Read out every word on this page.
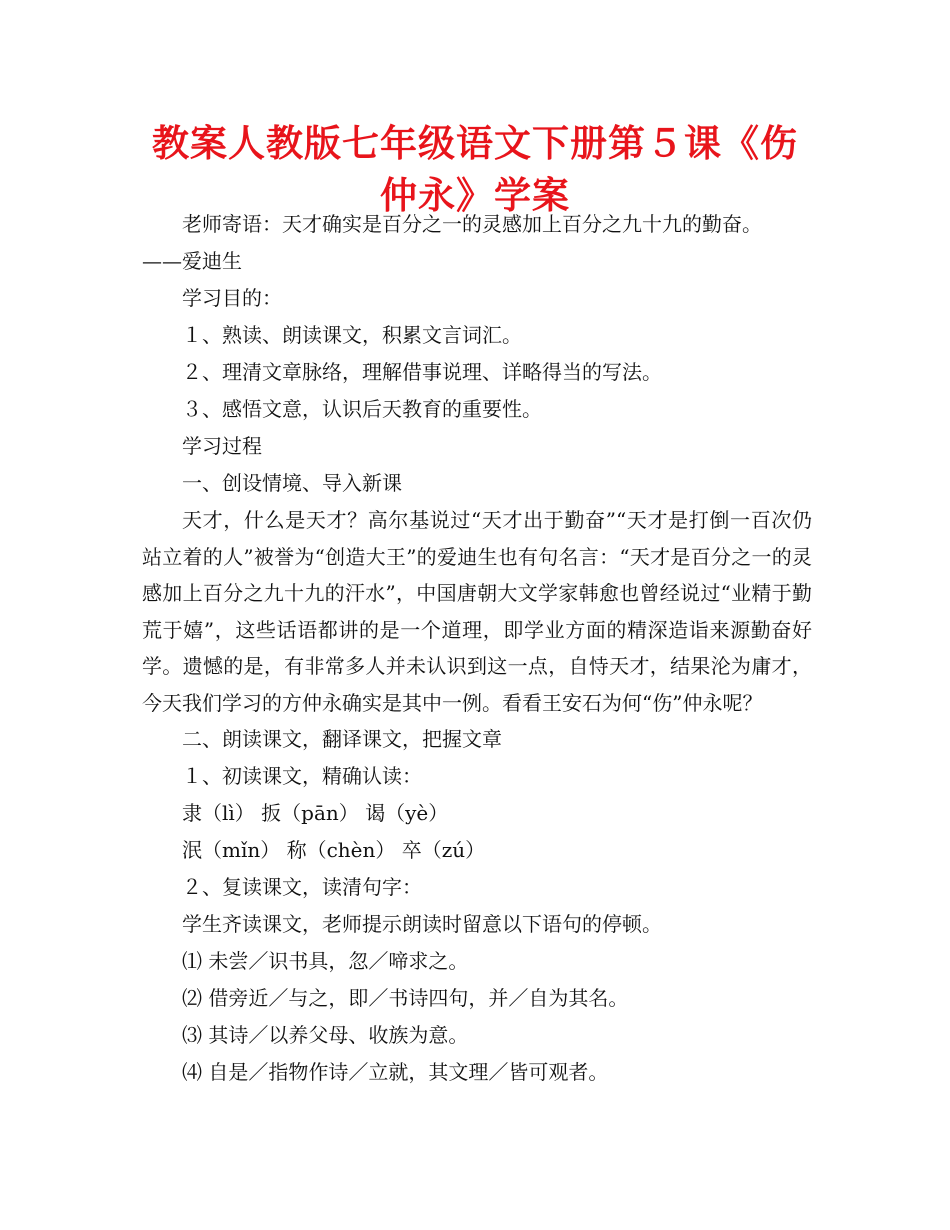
教案人教版七年级语文下册第５课《伤仲永》学案

老师寄语：天才确实是百分之一的灵感加上百分之九十九的勤奋。

——爱迪生

学习目的：

１、熟读、朗读课文，积累文言词汇。

２、理清文章脉络，理解借事说理、详略得当的写法。

３、感悟文意，认识后天教育的重要性。

学习过程

一、创设情境、导入新课

天才，什么是天才？高尔基说过“天才出于勤奋”“天才是打倒一百次仍站立着的人”被誉为“创造大王”的爱迪生也有句名言：“天才是百分之一的灵感加上百分之九十九的汗水”，中国唐朝大文学家韩愈也曾经说过“业精于勤荒于嬉”，这些话语都讲的是一个道理，即学业方面的精深造诣来源勤奋好学。遗憾的是，有非常多人并未认识到这一点，自恃天才，结果沦为庸才，今天我们学习的方仲永确实是其中一例。看看王安石为何“伤”仲永呢？

二、朗读课文，翻译课文，把握文章

１、初读课文，精确认读：

隶（lì） 扳（pān） 谒（yè）

泯（mǐn） 称（chèn） 卒（zú）

２、复读课文，读清句字：

学生齐读课文，老师提示朗读时留意以下语句的停顿。

⑴ 未尝／识书具，忽／啼求之。

⑵ 借旁近／与之，即／书诗四句，并／自为其名。

⑶ 其诗／以养父母、收族为意。

⑷ 自是／指物作诗／立就，其文理／皆可观者。
